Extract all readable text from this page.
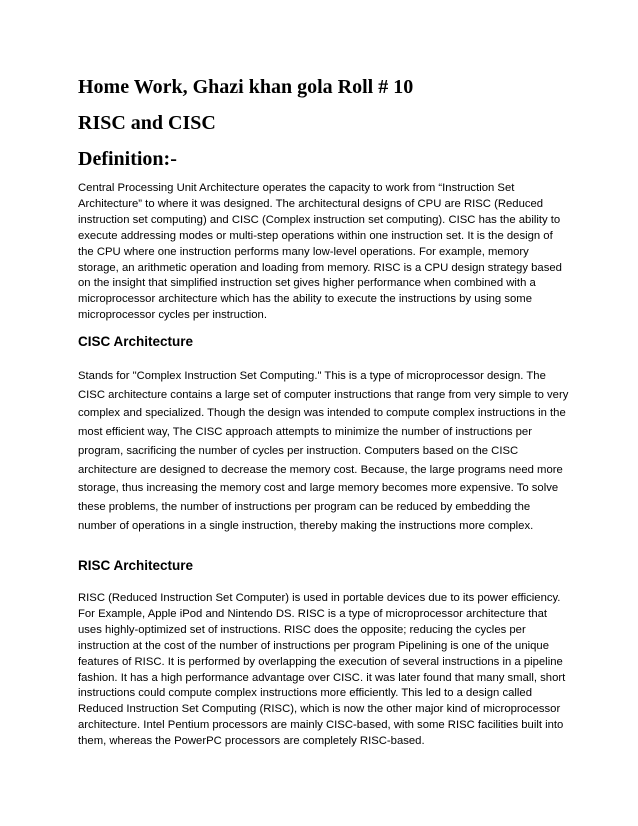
Home Work, Ghazi khan gola Roll # 10
RISC and CISC
Definition:-

Central Processing Unit Architecture operates the capacity to work from “Instruction Set Architecture” to where it was designed. The architectural designs of CPU are RISC (Reduced instruction set computing) and CISC (Complex instruction set computing). CISC has the ability to execute addressing modes or multi-step operations within one instruction set. It is the design of the CPU where one instruction performs many low-level operations. For example, memory storage, an arithmetic operation and loading from memory. RISC is a CPU design strategy based on the insight that simplified instruction set gives higher performance when combined with a microprocessor architecture which has the ability to execute the instructions by using some microprocessor cycles per instruction.

CISC Architecture

Stands for "Complex Instruction Set Computing." This is a type of microprocessor design. The CISC architecture contains a large set of computer instructions that range from very simple to very complex and specialized. Though the design was intended to compute complex instructions in the most efficient way, The CISC approach attempts to minimize the number of instructions per program, sacrificing the number of cycles per instruction. Computers based on the CISC architecture are designed to decrease the memory cost. Because, the large programs need more storage, thus increasing the memory cost and large memory becomes more expensive. To solve these problems, the number of instructions per program can be reduced by embedding the number of operations in a single instruction, thereby making the instructions more complex.

RISC Architecture

RISC (Reduced Instruction Set Computer) is used in portable devices due to its power efficiency. For Example, Apple iPod and Nintendo DS. RISC is a type of microprocessor architecture that uses highly-optimized set of instructions. RISC does the opposite; reducing the cycles per instruction at the cost of the number of instructions per program Pipelining is one of the unique features of RISC. It is performed by overlapping the execution of several instructions in a pipeline fashion. It has a high performance advantage over CISC. it was later found that many small, short instructions could compute complex instructions more efficiently. This led to a design called Reduced Instruction Set Computing (RISC), which is now the other major kind of microprocessor architecture. Intel Pentium processors are mainly CISC-based, with some RISC facilities built into them, whereas the PowerPC processors are completely RISC-based.
